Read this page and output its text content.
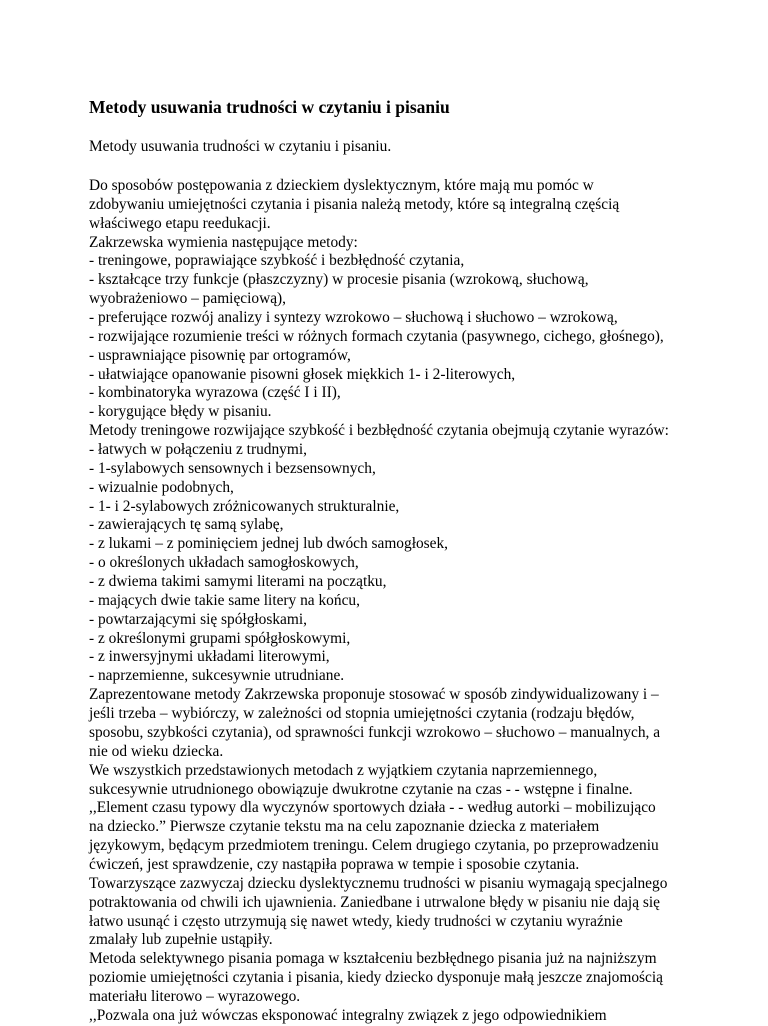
Metody usuwania trudności w czytaniu i pisaniu

Metody usuwania trudności w czytaniu i pisaniu.

Do sposobów postępowania z dzieckiem dyslektycznym, które mają mu pomóc w
zdobywaniu umiejętności czytania i pisania należą metody, które są integralną częścią
właściwego etapu reedukacji.
Zakrzewska wymienia następujące metody:
- treningowe, poprawiające szybkość i bezbłędność czytania,
- kształcące trzy funkcje (płaszczyzny) w procesie pisania (wzrokową, słuchową,
wyobrażeniowo – pamięciową),
- preferujące rozwój analizy i syntezy wzrokowo – słuchową i słuchowo – wzrokową,
- rozwijające rozumienie treści w różnych formach czytania (pasywnego, cichego, głośnego),
- usprawniające pisownię par ortogramów,
- ułatwiające opanowanie pisowni głosek miękkich 1- i 2-literowych,
- kombinatoryka wyrazowa (część I i II),
- korygujące błędy w pisaniu.
Metody treningowe rozwijające szybkość i bezbłędność czytania obejmują czytanie wyrazów:
- łatwych w połączeniu z trudnymi,
- 1-sylabowych sensownych i bezsensownych,
- wizualnie podobnych,
- 1- i 2-sylabowych zróżnicowanych strukturalnie,
- zawierających tę samą sylabę,
- z lukami – z pominięciem jednej lub dwóch samogłosek,
- o określonych układach samogłoskowych,
- z dwiema takimi samymi literami na początku,
- mających dwie takie same litery na końcu,
- powtarzającymi się spółgłoskami,
- z określonymi grupami spółgłoskowymi,
- z inwersyjnymi układami literowymi,
- naprzemienne, sukcesywnie utrudniane.
Zaprezentowane metody Zakrzewska proponuje stosować w sposób zindywidualizowany i –
jeśli trzeba – wybiórczy, w zależności od stopnia umiejętności czytania (rodzaju błędów,
sposobu, szybkości czytania), od sprawności funkcji wzrokowo – słuchowo – manualnych, a
nie od wieku dziecka.
We wszystkich przedstawionych metodach z wyjątkiem czytania naprzemiennego,
sukcesywnie utrudnionego obowiązuje dwukrotne czytanie na czas - - wstępne i finalne.
,,Element czasu typowy dla wyczynów sportowych działa - - według autorki – mobilizująco
na dziecko.” Pierwsze czytanie tekstu ma na celu zapoznanie dziecka z materiałem
językowym, będącym przedmiotem treningu. Celem drugiego czytania, po przeprowadzeniu
ćwiczeń, jest sprawdzenie, czy nastąpiła poprawa w tempie i sposobie czytania.
Towarzyszące zazwyczaj dziecku dyslektycznemu trudności w pisaniu wymagają specjalnego
potraktowania od chwili ich ujawnienia. Zaniedbane i utrwalone błędy w pisaniu nie dają się
łatwo usunąć i często utrzymują się nawet wtedy, kiedy trudności w czytaniu wyraźnie
zmalały lub zupełnie ustąpiły.
Metoda selektywnego pisania pomaga w kształceniu bezbłędnego pisania już na najniższym
poziomie umiejętności czytania i pisania, kiedy dziecko dysponuje małą jeszcze znajomością
materiału literowo – wyrazowego.
,,Pozwala ona już wówczas eksponować integralny związek z jego odpowiednikiem
